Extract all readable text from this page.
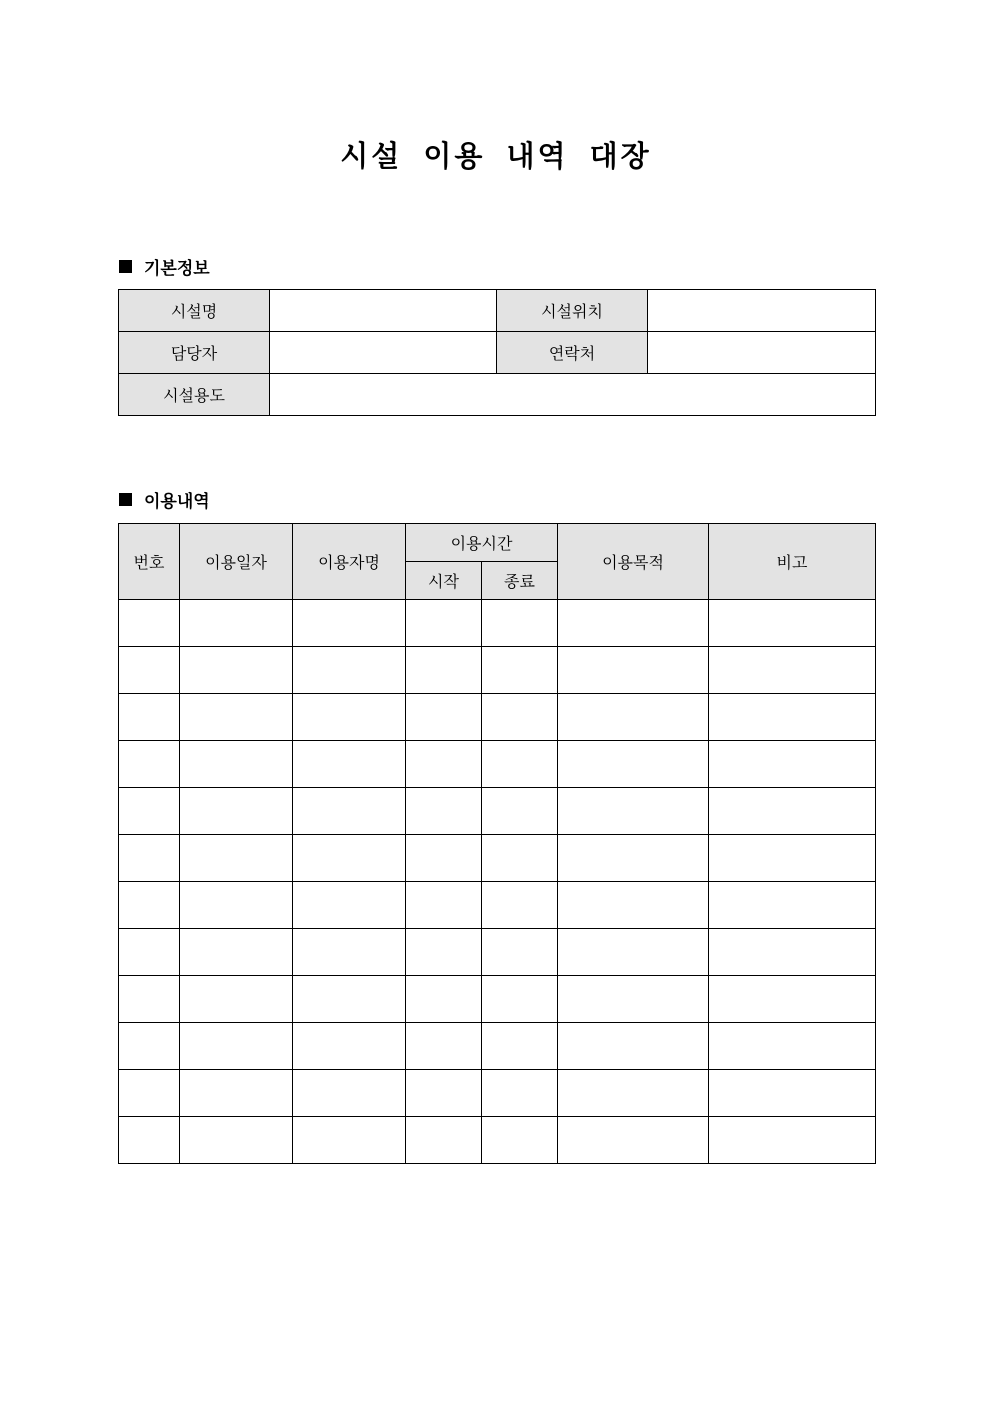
시설 이용 내역 대장
기본정보
시설명		시설위치	
담당자		연락처	
시설용도			
이용내역
번호	이용일자	이용자명	이용시간		이용목적	비고
			시작	종료		
